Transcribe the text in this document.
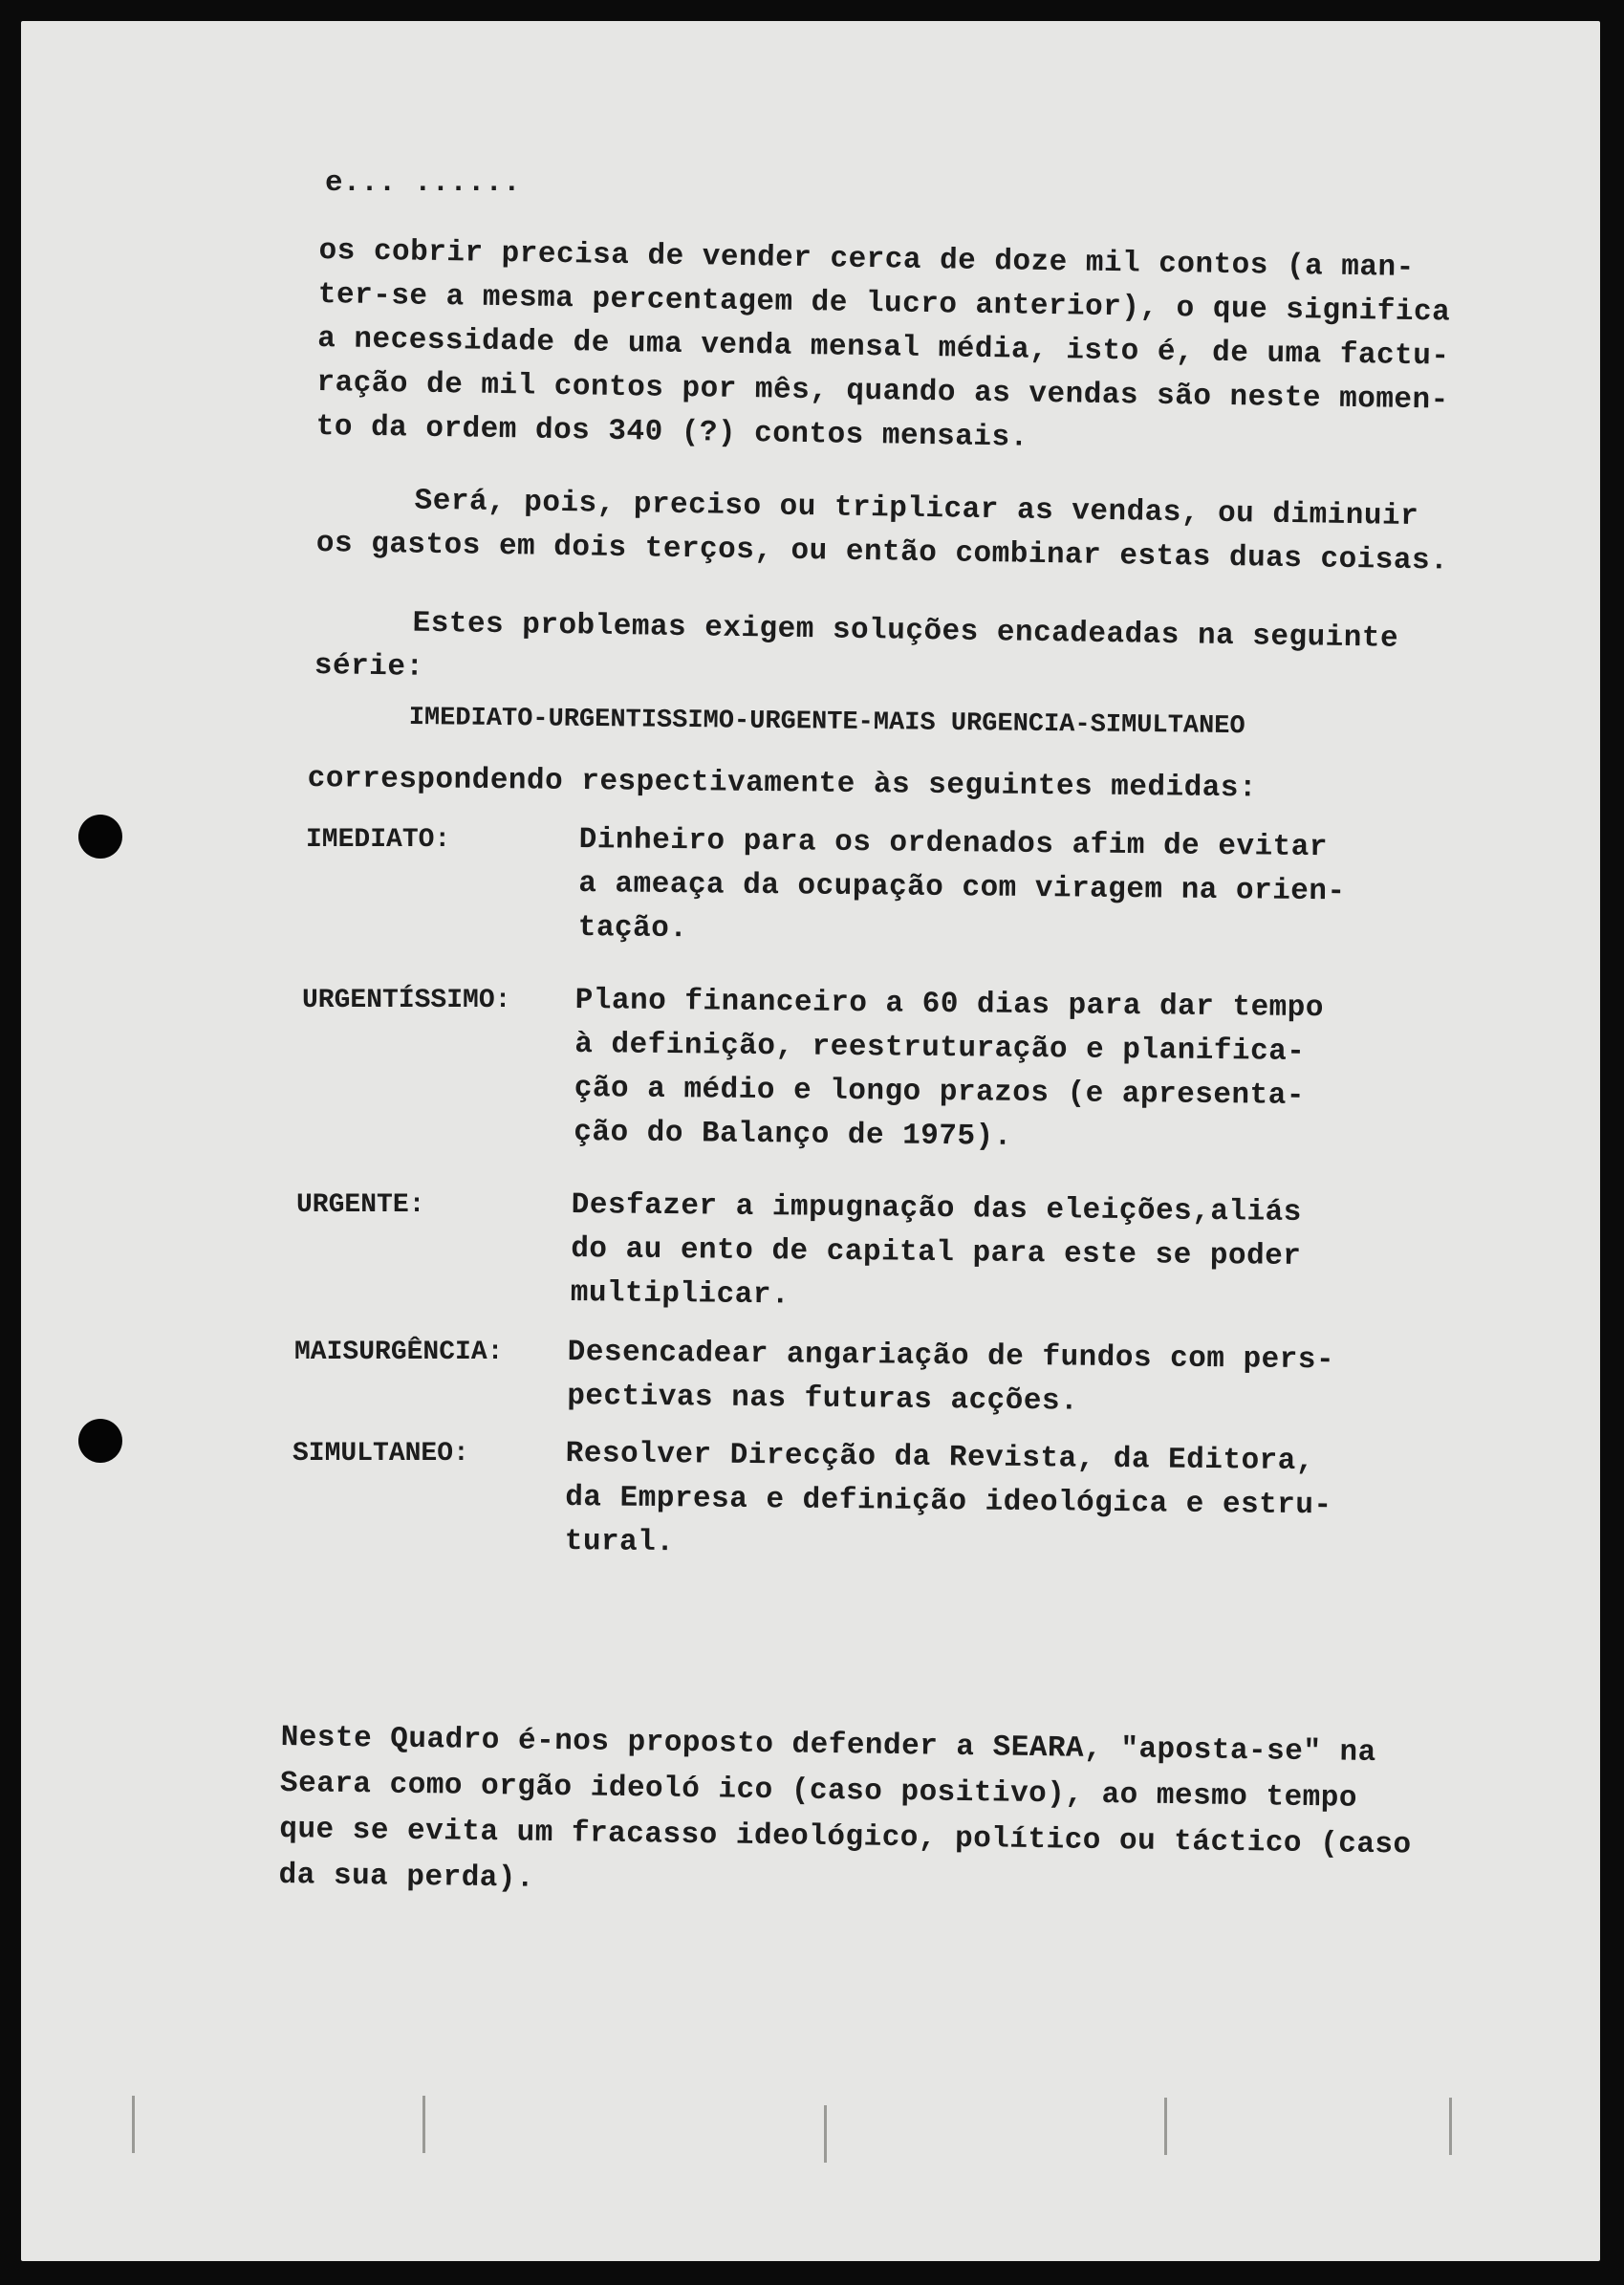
e... ......
os cobrir precisa de vender cerca de doze mil contos (a man-
ter-se a mesma percentagem de lucro anterior), o que significa
a necessidade de uma venda mensal média, isto é, de uma factu-
ração de mil contos por mês, quando as vendas são neste momen-
to da ordem dos 340 (?) contos mensais.
Será, pois, preciso ou triplicar as vendas, ou diminuir
os gastos em dois terços, ou então combinar estas duas coisas.
Estes problemas exigem soluções encadeadas na seguinte
série:
IMEDIATO-URGENTISSIMO-URGENTE-MAIS URGENCIA-SIMULTANEO
correspondendo respectivamente às seguintes medidas:
IMEDIATO:	Dinheiro para os ordenados afim de evitar
a ameaça da ocupação com viragem na orien-
tação.
URGENTÍSSIMO: Plano financeiro a 60 dias para dar tempo
à definição, reestruturação e planifica-
ção a médio e longo prazos (e apresenta-
ção do Balanço de 1975).
URGENTE:	Desfazer a impugnação das eleições,aliás
do au ento de capital para este se poder
multiplicar.
MAISURGÊNCIA: Desencadear angariação de fundos com pers-
pectivas nas futuras acções.
SIMULTANEO:	Resolver Direcção da Revista, da Editora,
da Empresa e definição ideológica e estru-
tural.
Neste Quadro é-nos proposto defender a SEARA, "aposta-se" na
Seara como orgão ideoló ico (caso positivo), ao mesmo tempo
que se evita um fracasso ideológico, político ou táctico (caso
da sua perda).
